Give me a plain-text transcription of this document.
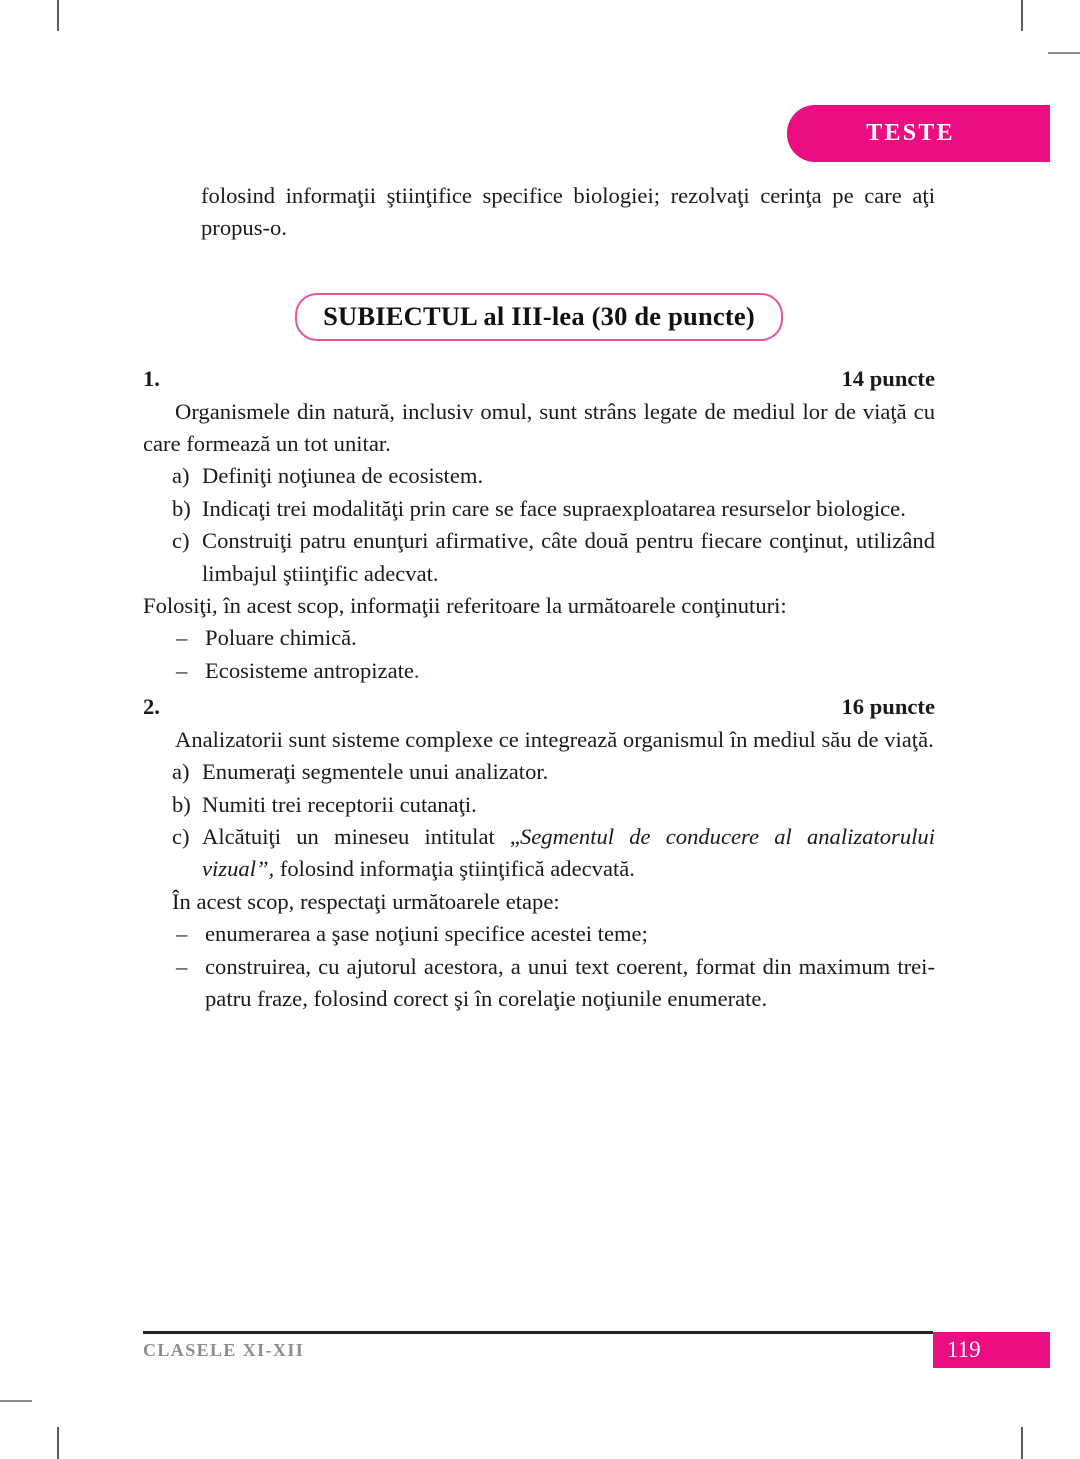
TESTE

folosind informaţii ştiinţifice specifice biologiei; rezolvaţi cerinţa pe care aţi propus-o.

SUBIECTUL al III-lea (30 de puncte)
1.	14 puncte

Organismele din natură, inclusiv omul, sunt strâns legate de mediul lor de viaţă cu care formează un tot unitar.

a) Definiţi noţiunea de ecosistem.
b) Indicaţi trei modalităţi prin care se face supraexploatarea resurselor biologice.
c) Construiţi patru enunţuri afirmative, câte două pentru fiecare conţinut, utilizând limbajul ştiinţific adecvat.

Folosiţi, în acest scop, informaţii referitoare la următoarele conţinuturi:

– Poluare chimică.
– Ecosisteme antropizate.
2.	16 puncte

Analizatorii sunt sisteme complexe ce integrează organismul în mediul său de viaţă.

a) Enumeraţi segmentele unui analizator.
b) Numiti trei receptorii cutanaţi.
c) Alcătuiţi un mineseu intitulat „Segmentul de conducere al analizatorului vizual”, folosind informaţia ştiinţifică adecvată.

În acest scop, respectaţi următoarele etape:

– enumerarea a şase noţiuni specifice acestei teme;
– construirea, cu ajutorul acestora, a unui text coerent, format din maximum trei-patru fraze, folosind corect şi în corelaţie noţiunile enumerate.
CLASELE XI-XII	119
